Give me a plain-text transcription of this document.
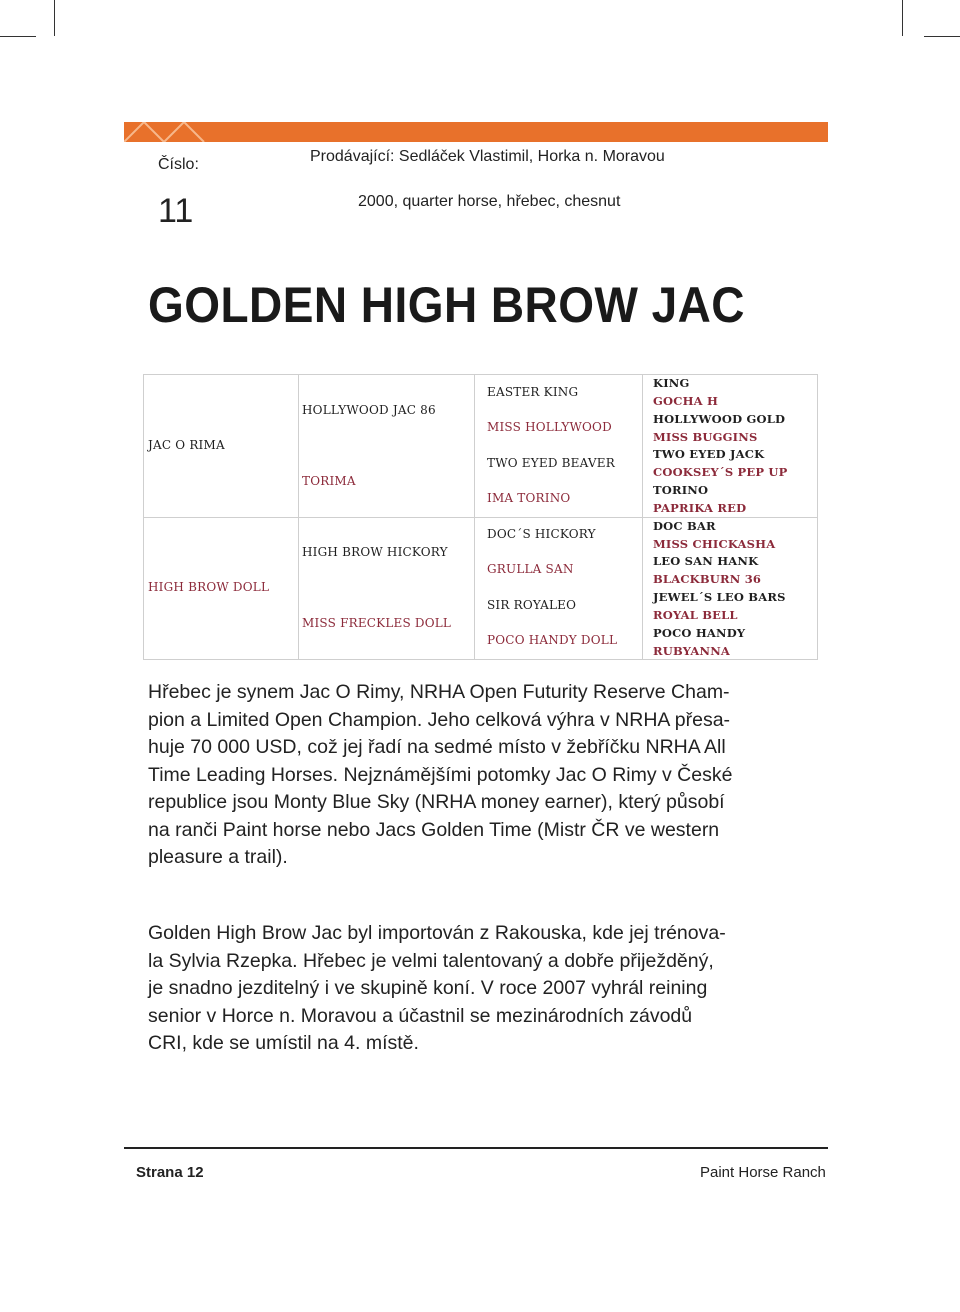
Číslo:
11
Prodávající: Sedláček Vlastimil, Horka n. Moravou
2000, quarter horse, hřebec, chesnut
GOLDEN HIGH BROW JAC
JAC O RIMA
HIGH BROW DOLL
HOLLYWOOD JAC 86
TORIMA
HIGH BROW HICKORY
MISS FRECKLES DOLL
EASTER KING
MISS HOLLYWOOD
TWO EYED BEAVER
IMA TORINO
DOC´S HICKORY
GRULLA SAN
SIR ROYALEO
POCO HANDY DOLL
KING
GOCHA H
HOLLYWOOD GOLD
MISS BUGGINS
TWO EYED JACK
COOKSEY´S PEP UP
TORINO
PAPRIKA RED
DOC BAR
MISS CHICKASHA
LEO SAN HANK
BLACKBURN 36
JEWEL´S LEO BARS
ROYAL BELL
POCO HANDY
RUBYANNA
Hřebec je synem Jac O Rimy, NRHA Open Futurity Reserve Cham-
pion a Limited Open Champion. Jeho celková výhra v NRHA přesa-
huje 70 000 USD, což jej řadí na sedmé místo v žebříčku NRHA All
Time Leading Horses. Nejznámějšími potomky Jac O Rimy v České
republice jsou Monty Blue Sky (NRHA money earner), který působí
na ranči Paint horse nebo Jacs Golden Time (Mistr ČR ve western
pleasure a trail).
Golden High Brow Jac byl importován z Rakouska, kde jej trénova-
la Sylvia Rzepka. Hřebec je velmi talentovaný a dobře přiježděný,
je snadno jezditelný i ve skupině koní. V roce 2007 vyhrál reining
senior v Horce n. Moravou a účastnil se mezinárodních závodů
CRI, kde se umístil na 4. místě.
Strana 12	Paint Horse Ranch
